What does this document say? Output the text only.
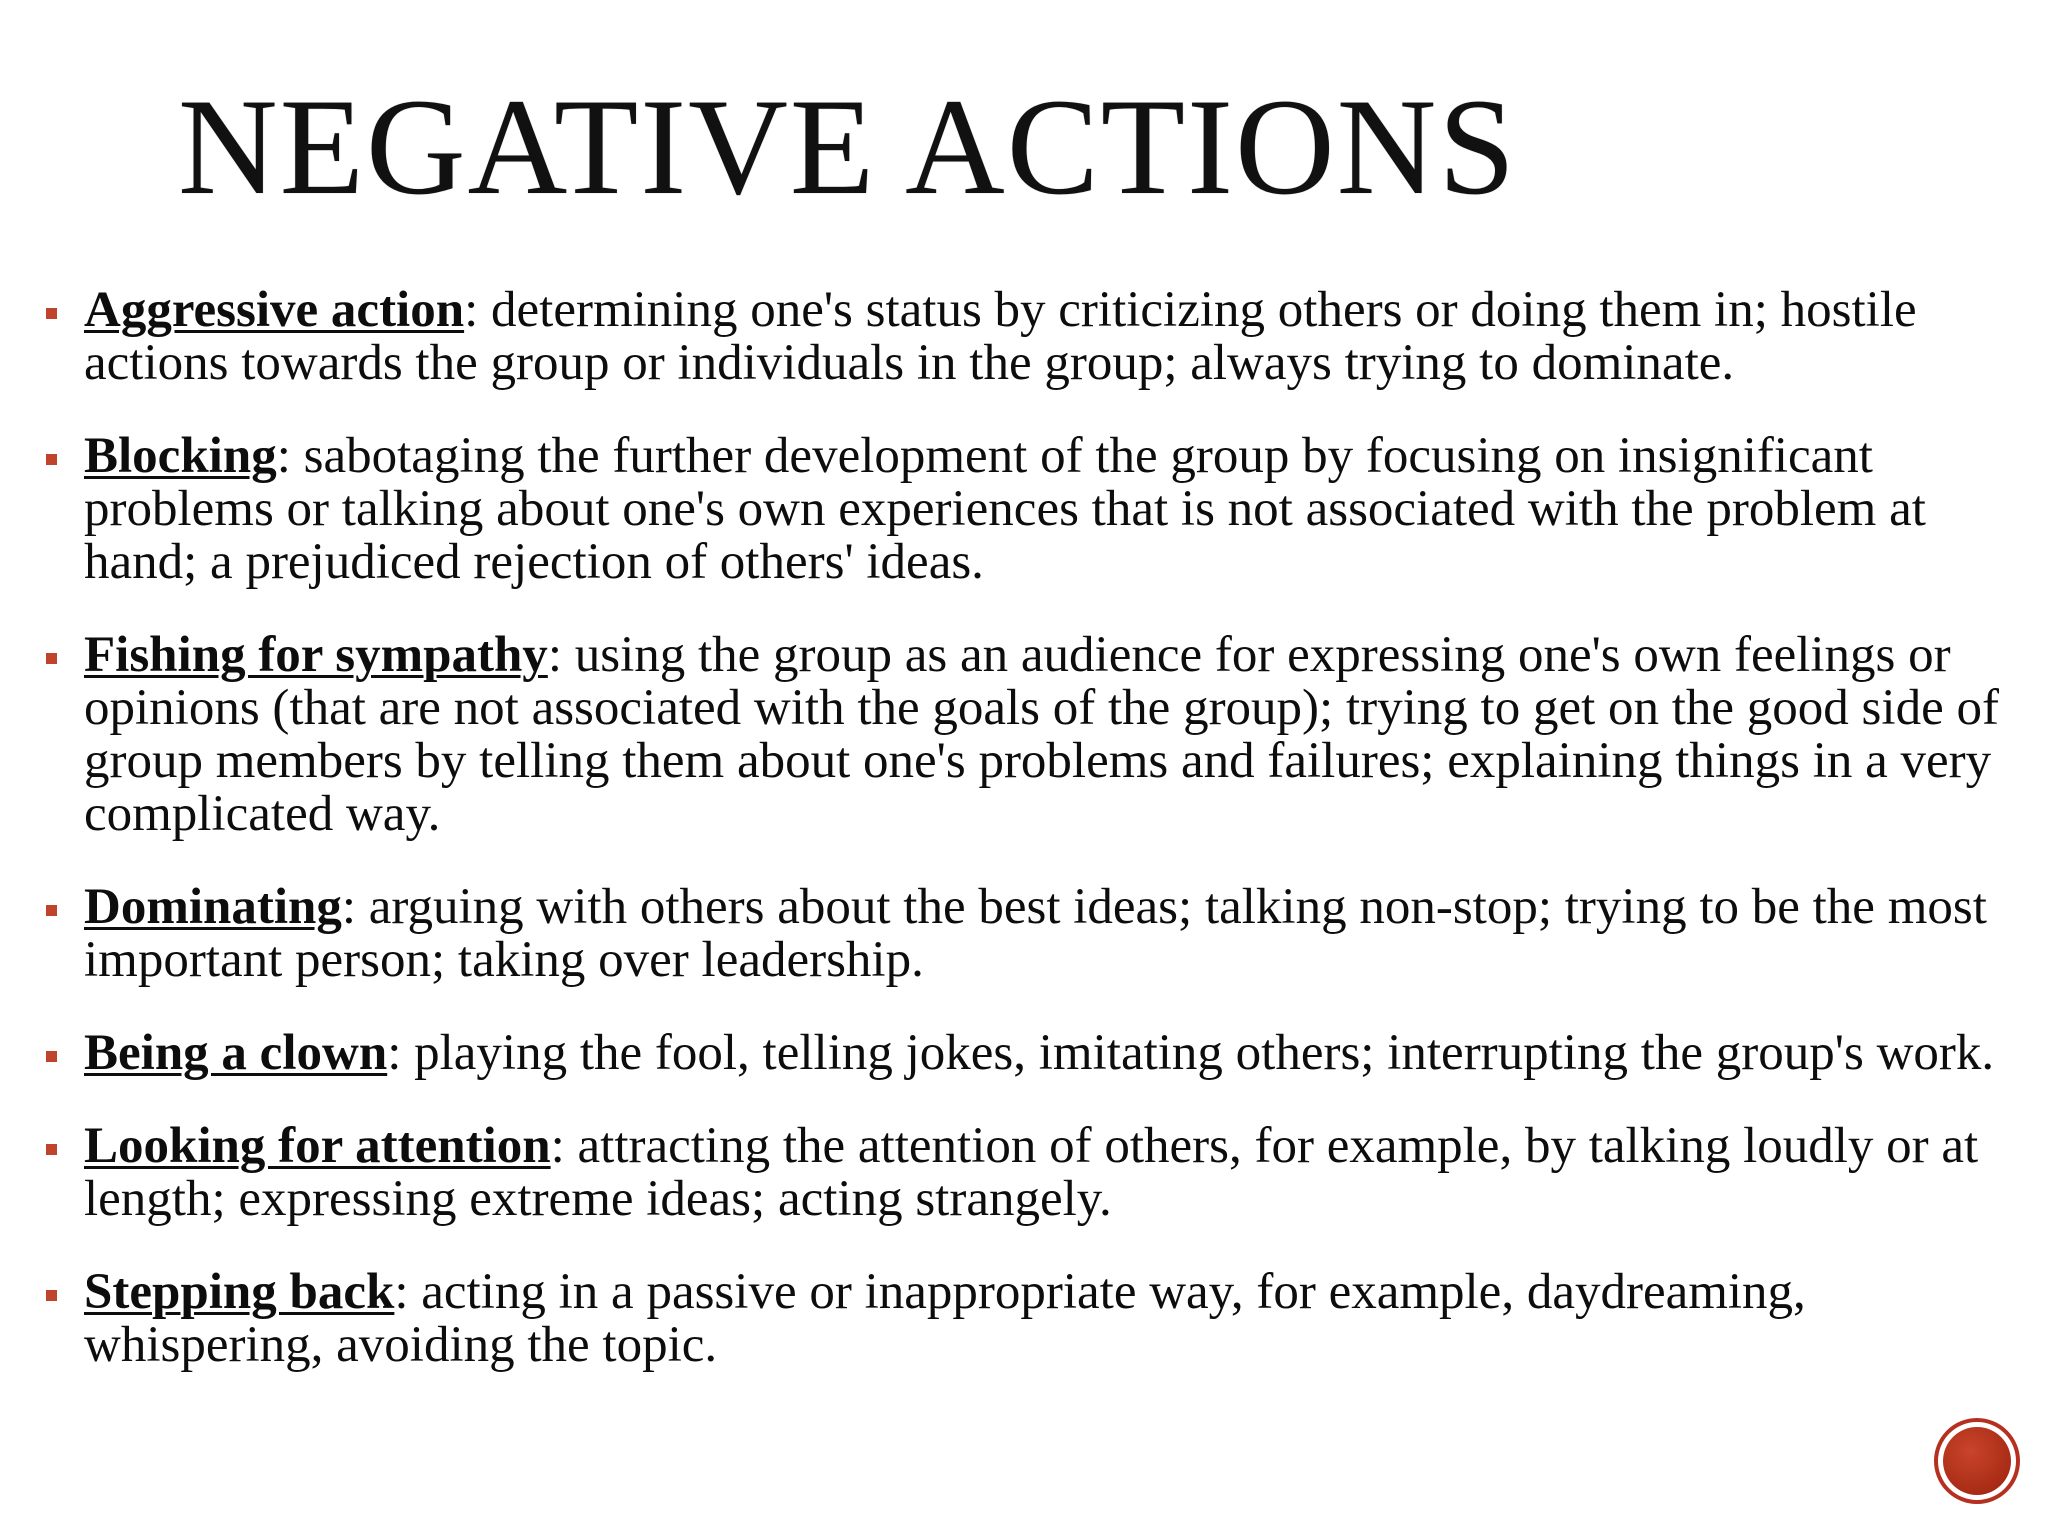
NEGATIVE ACTIONS
Aggressive action: determining one's status by criticizing others or doing them in; hostile actions towards the group or individuals in the group; always trying to dominate.
Blocking: sabotaging the further development of the group by focusing on insignificant problems or talking about one's own experiences that is not associated with the problem at hand; a prejudiced rejection of others' ideas.
Fishing for sympathy: using the group as an audience for expressing one's own feelings or opinions (that are not associated with the goals of the group); trying to get on the good side of group members by telling them about one's problems and failures; explaining things in a very complicated way.
Dominating: arguing with others about the best ideas; talking non-stop; trying to be the most important person; taking over leadership.
Being a clown: playing the fool, telling jokes, imitating others; interrupting the group's work.
Looking for attention: attracting the attention of others, for example, by talking loudly or at length; expressing extreme ideas; acting strangely.
Stepping back: acting in a passive or inappropriate way, for example, daydreaming, whispering, avoiding the topic.
